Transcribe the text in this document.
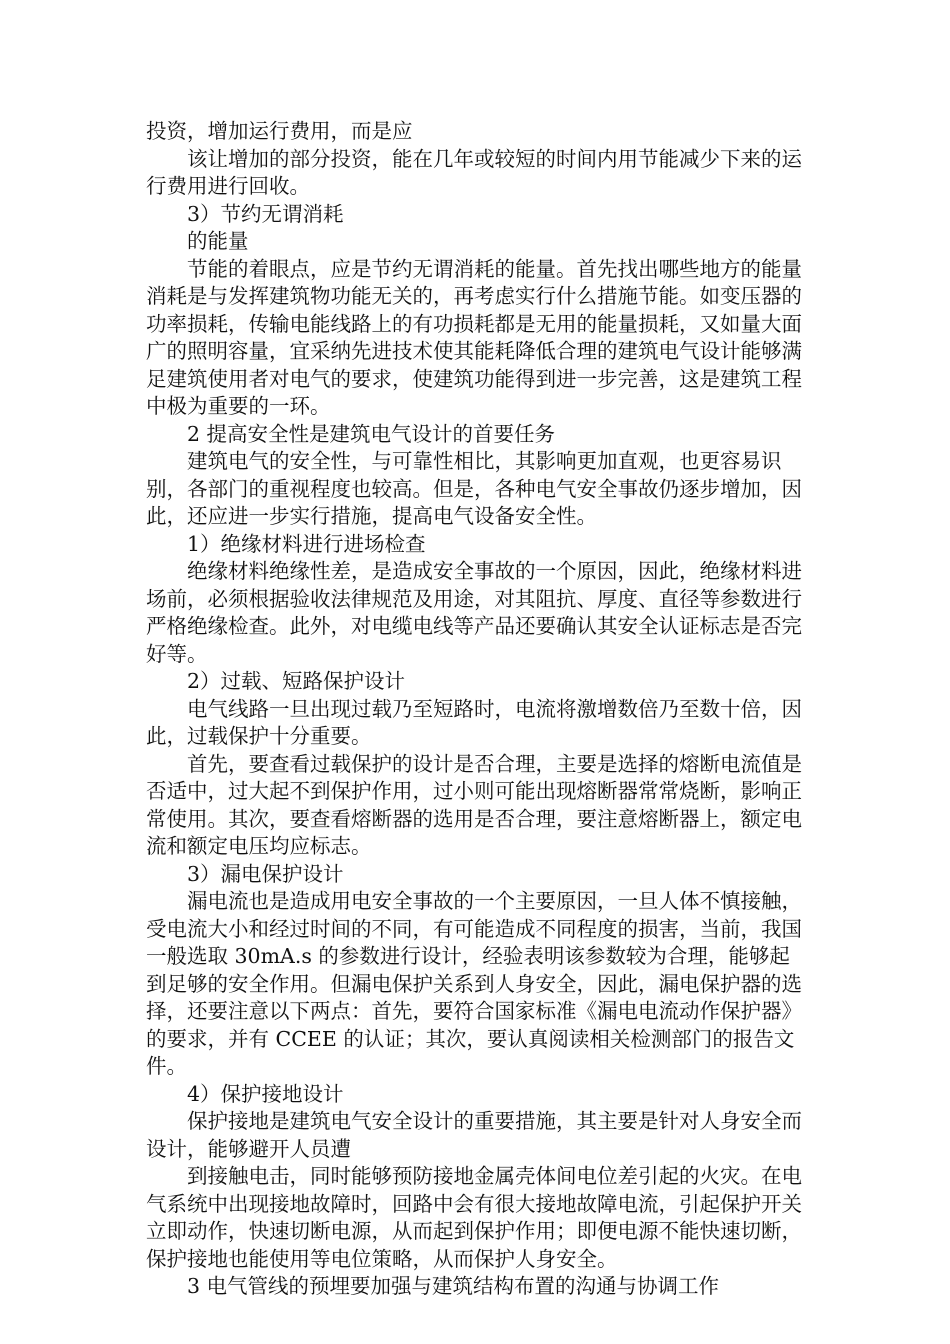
投资，增加运行费用，而是应

该让增加的部分投资，能在几年或较短的时间内用节能减少下来的运行费用进行回收。

3）节约无谓消耗

的能量

节能的着眼点，应是节约无谓消耗的能量。首先找出哪些地方的能量消耗是与发挥建筑物功能无关的，再考虑实行什么措施节能。如变压器的功率损耗，传输电能线路上的有功损耗都是无用的能量损耗，又如量大面广的照明容量，宜采纳先进技术使其能耗降低合理的建筑电气设计能够满足建筑使用者对电气的要求，使建筑功能得到进一步完善，这是建筑工程中极为重要的一环。

2 提高安全性是建筑电气设计的首要任务

建筑电气的安全性，与可靠性相比，其影响更加直观，也更容易识别，各部门的重视程度也较高。但是，各种电气安全事故仍逐步增加，因此，还应进一步实行措施，提高电气设备安全性。

1）绝缘材料进行进场检查

绝缘材料绝缘性差，是造成安全事故的一个原因，因此，绝缘材料进场前，必须根据验收法律规范及用途，对其阻抗、厚度、直径等参数进行严格绝缘检查。此外，对电缆电线等产品还要确认其安全认证标志是否完好等。

2）过载、短路保护设计

电气线路一旦出现过载乃至短路时，电流将激增数倍乃至数十倍，因此，过载保护十分重要。

首先，要查看过载保护的设计是否合理，主要是选择的熔断电流值是否适中，过大起不到保护作用，过小则可能出现熔断器常常烧断，影响正常使用。其次，要查看熔断器的选用是否合理，要注意熔断器上，额定电流和额定电压均应标志。

3）漏电保护设计

漏电流也是造成用电安全事故的一个主要原因，一旦人体不慎接触，受电流大小和经过时间的不同，有可能造成不同程度的损害，当前，我国一般选取 30mA.s 的参数进行设计，经验表明该参数较为合理，能够起到足够的安全作用。但漏电保护关系到人身安全，因此，漏电保护器的选择，还要注意以下两点：首先，要符合国家标准《漏电电流动作保护器》的要求，并有 CCEE 的认证；其次，要认真阅读相关检测部门的报告文件。

4）保护接地设计

保护接地是建筑电气安全设计的重要措施，其主要是针对人身安全而设计，能够避开人员遭

到接触电击，同时能够预防接地金属壳体间电位差引起的火灾。在电气系统中出现接地故障时，回路中会有很大接地故障电流，引起保护开关立即动作，快速切断电源，从而起到保护作用；即便电源不能快速切断，保护接地也能使用等电位策略，从而保护人身安全。

3 电气管线的预埋要加强与建筑结构布置的沟通与协调工作
